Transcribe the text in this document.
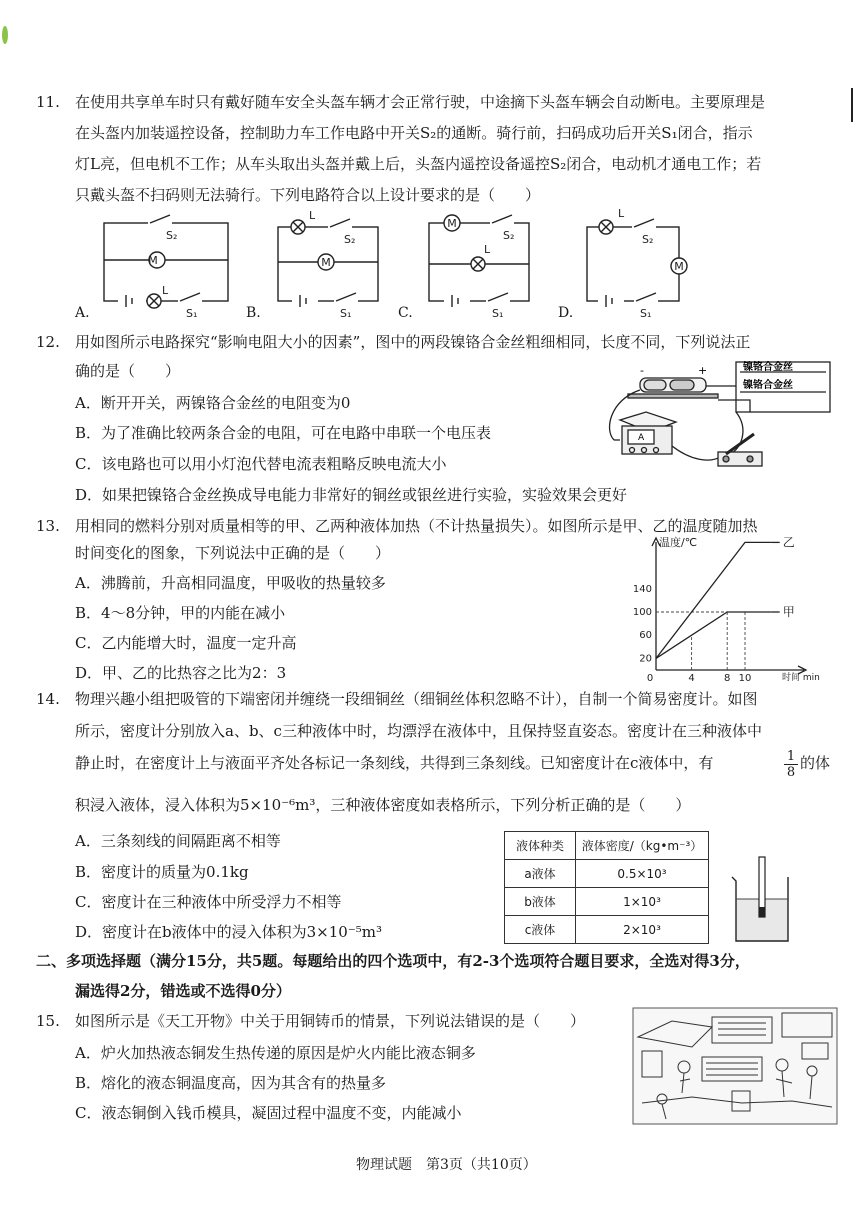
11. 在使用共享单车时只有戴好随车安全头盔车辆才会正常行驶，中途摘下头盔车辆会自动断电。主要原理是
在头盔内加装遥控设备，控制助力车工作电路中开关S₂的通断。骑行前，扫码成功后开关S₁闭合，指示
灯L亮，但电机不工作；从车头取出头盔并戴上后，头盔内遥控设备遥控S₂闭合，电动机才通电工作；若
只戴头盔不扫码则无法骑行。下列电路符合以上设计要求的是（　　）
A.	B.	C.	D.
M
S₂
L
S₁
M
L
S₂
S₁
M
L
S₂
S₁
M
L
S₂
S₁
12. 用如图所示电路探究“影响电阻大小的因素”，图中的两段镍铬合金丝粗细相同，长度不同，下列说法正
确的是（　　）
A．断开开关，两镍铬合金丝的电阻变为0
B．为了准确比较两条合金的电阻，可在电路中串联一个电压表
C．该电路也可以用小灯泡代替电流表粗略反映电流大小
D．如果把镍铬合金丝换成导电能力非常好的铜丝或银丝进行实验，实验效果会更好
-	+
A
镍铬合金丝
镍铬合金丝
13. 用相同的燃料分别对质量相等的甲、乙两种液体加热（不计热量损失）。如图所示是甲、乙的温度随加热
时间变化的图象，下列说法中正确的是（　　）
A．沸腾前，升高相同温度，甲吸收的热量较多
B．4～8分钟，甲的内能在减小
C．乙内能增大时，温度一定升高
D．甲、乙的比热容之比为2：3
乙
甲
温度/℃
时间 min
20
60
100
140
0	4	8 10
14. 物理兴趣小组把吸管的下端密闭并缠绕一段细铜丝（细铜丝体积忽略不计），自制一个简易密度计。如图
所示，密度计分别放入a、b、c三种液体中时，均漂浮在液体中，且保持竖直姿态。密度计在三种液体中
静止时，在密度计上与液面平齐处各标记一条刻线，共得到三条刻线。已知密度计在c液体中，有	$\frac{1}{8}$ 的体
积浸入液体，浸入体积为5×10⁻⁶m³，三种液体密度如表格所示，下列分析正确的是（　　）
A．三条刻线的间隔距离不相等
B．密度计的质量为0.1kg
C．密度计在三种液体中所受浮力不相等
D．密度计在b液体中的浸入体积为3×10⁻⁵m³
液体种类	液体密度/（kg•m⁻³）
a液体	0.5×10³
b液体	1×10³
c液体	2×10³
二、多项选择题（满分15分，共5题。每题给出的四个选项中，有2-3个选项符合题目要求，全选对得3分，
漏选得2分，错选或不选得0分）
15. 如图所示是《天工开物》中关于用铜铸币的情景，下列说法错误的是（　　）
A．炉火加热液态铜发生热传递的原因是炉火内能比液态铜多
B．熔化的液态铜温度高，因为其含有的热量多
C．液态铜倒入钱币模具，凝固过程中温度不变，内能减小
物理试题　第3页（共10页）
